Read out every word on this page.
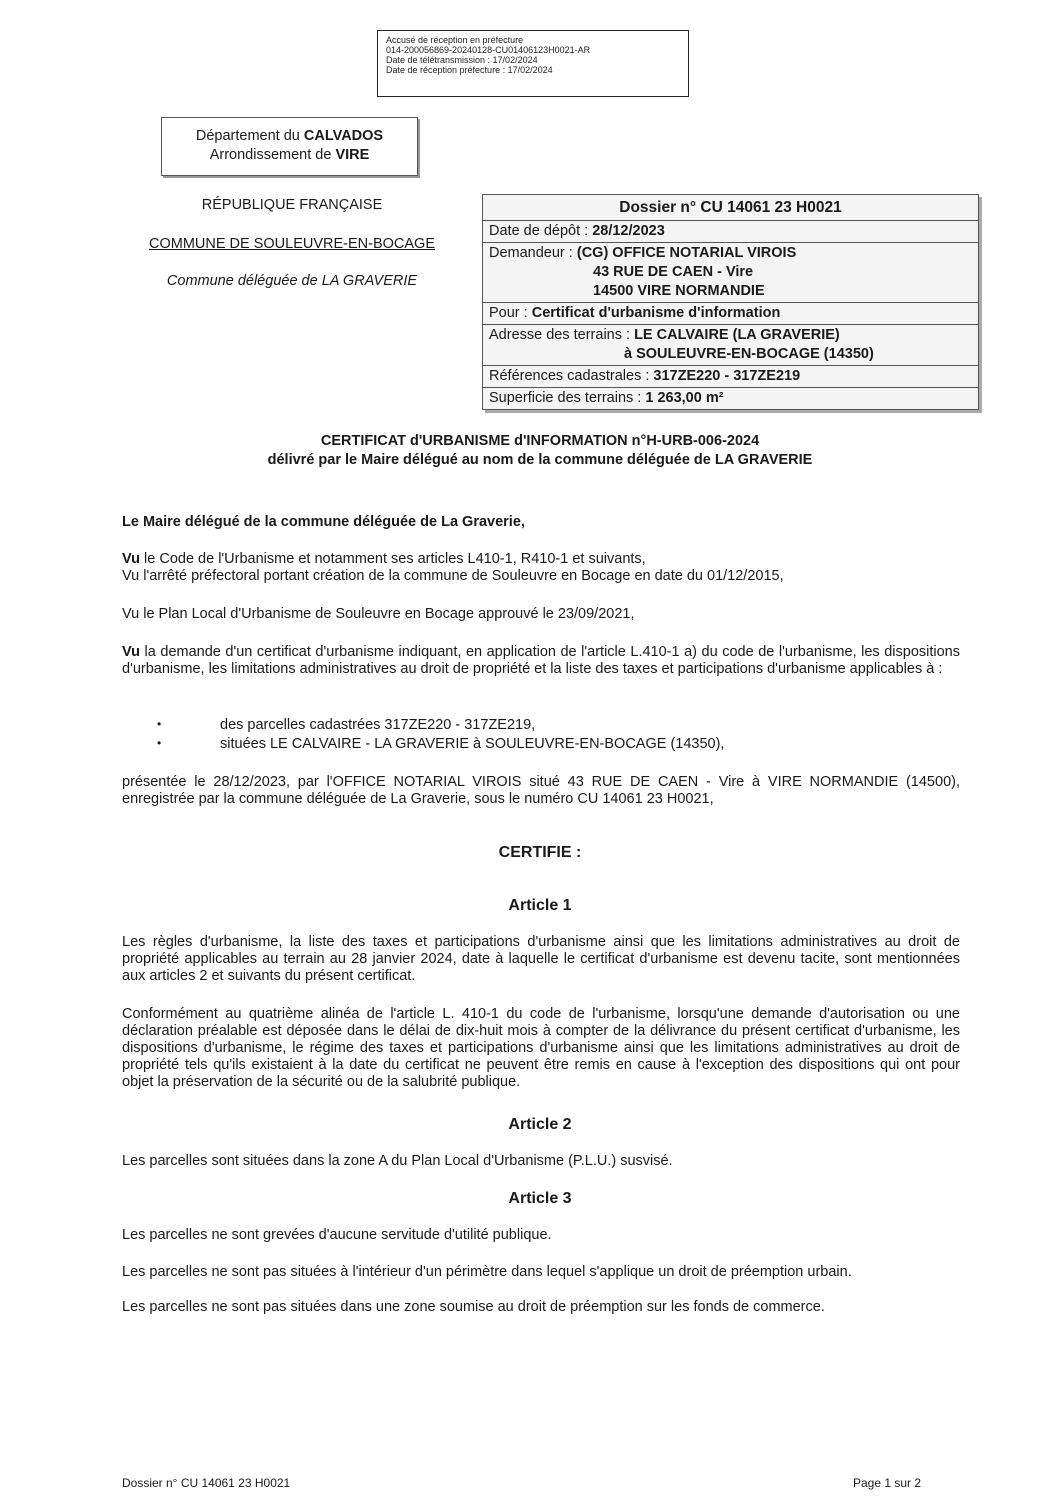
Accusé de réception en préfecture
014-200056869-20240128-CU01406123H0021-AR
Date de télétransmission : 17/02/2024
Date de réception préfecture : 17/02/2024
Département du CALVADOS
Arrondissement de VIRE
RÉPUBLIQUE FRANÇAISE
COMMUNE DE SOULEUVRE-EN-BOCAGE
Commune déléguée de LA GRAVERIE
Dossier n° CU 14061 23 H0021
Date de dépôt : 28/12/2023
Demandeur : (CG) OFFICE NOTARIAL VIROIS
43 RUE DE CAEN - Vire
14500 VIRE NORMANDIE

Pour : Certificat d'urbanisme d'information
Adresse des terrains : LE CALVAIRE (LA GRAVERIE)
à SOULEUVRE-EN-BOCAGE (14350)

Références cadastrales : 317ZE220 - 317ZE219
Superficie des terrains : 1 263,00 m²
CERTIFICAT d'URBANISME d'INFORMATION n°H-URB-006-2024
délivré par le Maire délégué au nom de la commune déléguée de LA GRAVERIE
Le Maire délégué de la commune déléguée de La Graverie,
Vu le Code de l'Urbanisme et notamment ses articles L410-1, R410-1 et suivants,
Vu l'arrêté préfectoral portant création de la commune de Souleuvre en Bocage en date du 01/12/2015,
Vu le Plan Local d'Urbanisme de Souleuvre en Bocage approuvé le 23/09/2021,
Vu la demande d'un certificat d'urbanisme indiquant, en application de l'article L.410-1 a) du code de l'urbanisme, les dispositions d'urbanisme, les limitations administratives au droit de propriété et la liste des taxes et participations d'urbanisme applicables à :
•	des parcelles cadastrées 317ZE220 - 317ZE219,
•	situées LE CALVAIRE - LA GRAVERIE à SOULEUVRE-EN-BOCAGE (14350),
présentée le 28/12/2023, par l'OFFICE NOTARIAL VIROIS situé 43 RUE DE CAEN - Vire à VIRE NORMANDIE (14500), enregistrée par la commune déléguée de La Graverie, sous le numéro CU 14061 23 H0021,
CERTIFIE :
Article 1
Les règles d'urbanisme, la liste des taxes et participations d'urbanisme ainsi que les limitations administratives au droit de propriété applicables au terrain au 28 janvier 2024, date à laquelle le certificat d'urbanisme est devenu tacite, sont mentionnées aux articles 2 et suivants du présent certificat.
Conformément au quatrième alinéa de l'article L. 410-1 du code de l'urbanisme, lorsqu'une demande d'autorisation ou une déclaration préalable est déposée dans le délai de dix-huit mois à compter de la délivrance du présent certificat d'urbanisme, les dispositions d'urbanisme, le régime des taxes et participations d'urbanisme ainsi que les limitations administratives au droit de propriété tels qu'ils existaient à la date du certificat ne peuvent être remis en cause à l'exception des dispositions qui ont pour objet la préservation de la sécurité ou de la salubrité publique.
Article 2
Les parcelles sont situées dans la zone A du Plan Local d'Urbanisme (P.L.U.) susvisé.
Article 3
Les parcelles ne sont grevées d'aucune servitude d'utilité publique.
Les parcelles ne sont pas situées à l'intérieur d'un périmètre dans lequel s'applique un droit de préemption urbain.
Les parcelles ne sont pas situées dans une zone soumise au droit de préemption sur les fonds de commerce.
Dossier n° CU 14061 23 H0021	Page 1 sur 2
